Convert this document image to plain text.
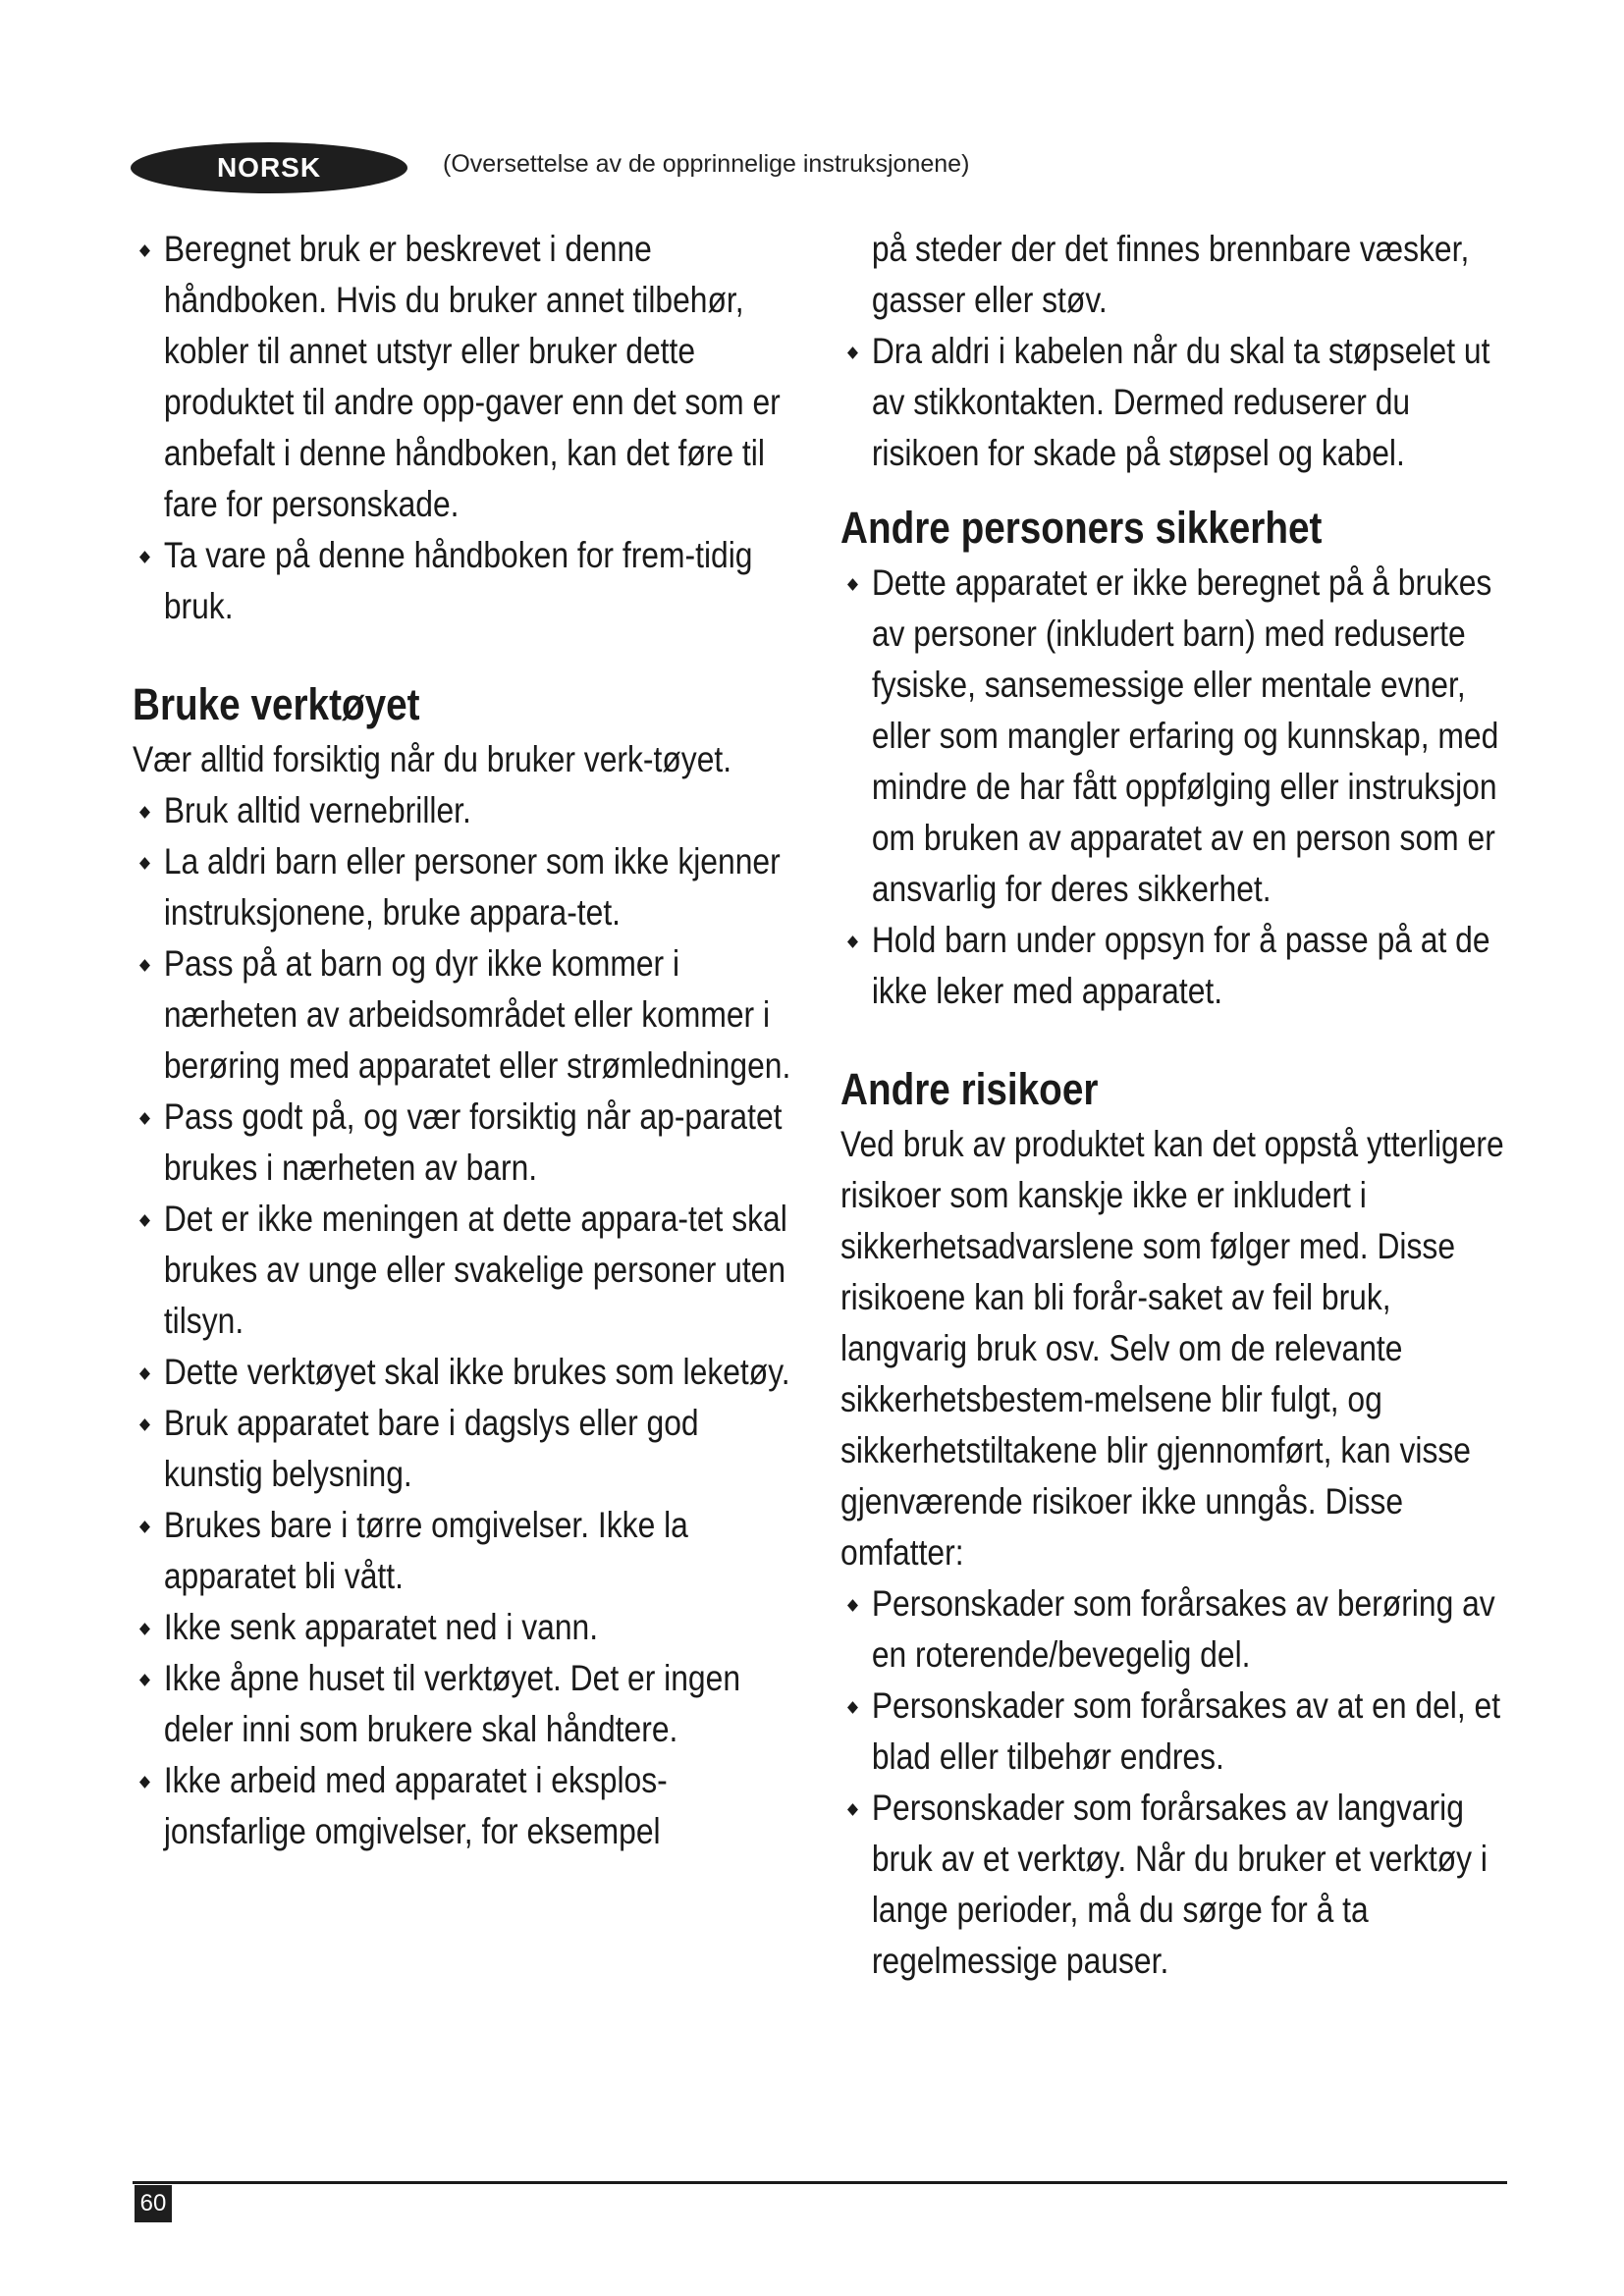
NORSK	(Oversettelse av de opprinnelige instruksjonene)
Beregnet bruk er beskrevet i denne håndboken. Hvis du bruker annet tilbehør, kobler til annet utstyr eller bruker dette produktet til andre opp-gaver enn det som er anbefalt i denne håndboken, kan det føre til fare for personskade.
Ta vare på denne håndboken for frem-tidig bruk.
Bruke verktøyet

Vær alltid forsiktig når du bruker verk-tøyet.

Bruk alltid vernebriller.
La aldri barn eller personer som ikke kjenner instruksjonene, bruke appara-tet.
Pass på at barn og dyr ikke kommer i nærheten av arbeidsområdet eller kommer i berøring med apparatet eller strømledningen.
Pass godt på, og vær forsiktig når ap-paratet brukes i nærheten av barn.
Det er ikke meningen at dette appara-tet skal brukes av unge eller svakelige personer uten tilsyn.
Dette verktøyet skal ikke brukes som leketøy.
Bruk apparatet bare i dagslys eller god kunstig belysning.
Brukes bare i tørre omgivelser. Ikke la apparatet bli vått.
Ikke senk apparatet ned i vann.
Ikke åpne huset til verktøyet. Det er ingen deler inni som brukere skal håndtere.
Ikke arbeid med apparatet i eksplos-jonsfarlige omgivelser, for eksempel
på steder der det finnes brennbare væsker, gasser eller støv.
Dra aldri i kabelen når du skal ta støpselet ut av stikkontakten. Dermed reduserer du risikoen for skade på støpsel og kabel.
Andre personers sikkerhet
Dette apparatet er ikke beregnet på å brukes av personer (inkludert barn) med reduserte fysiske, sansemessige eller mentale evner, eller som mangler erfaring og kunnskap, med mindre de har fått oppfølging eller instruksjon om bruken av apparatet av en person som er ansvarlig for deres sikkerhet.
Hold barn under oppsyn for å passe på at de ikke leker med apparatet.
Andre risikoer

Ved bruk av produktet kan det oppstå ytterligere risikoer som kanskje ikke er inkludert i sikkerhetsadvarslene som følger med. Disse risikoene kan bli forår-saket av feil bruk, langvarig bruk osv. Selv om de relevante sikkerhetsbestem-melsene blir fulgt, og sikkerhetstiltakene blir gjennomført, kan visse gjenværende risikoer ikke unngås. Disse omfatter:

Personskader som forårsakes av berøring av en roterende/bevegelig del.
Personskader som forårsakes av at en del, et blad eller tilbehør endres.
Personskader som forårsakes av langvarig bruk av et verktøy. Når du bruker et verktøy i lange perioder, må du sørge for å ta regelmessige pauser.
60
